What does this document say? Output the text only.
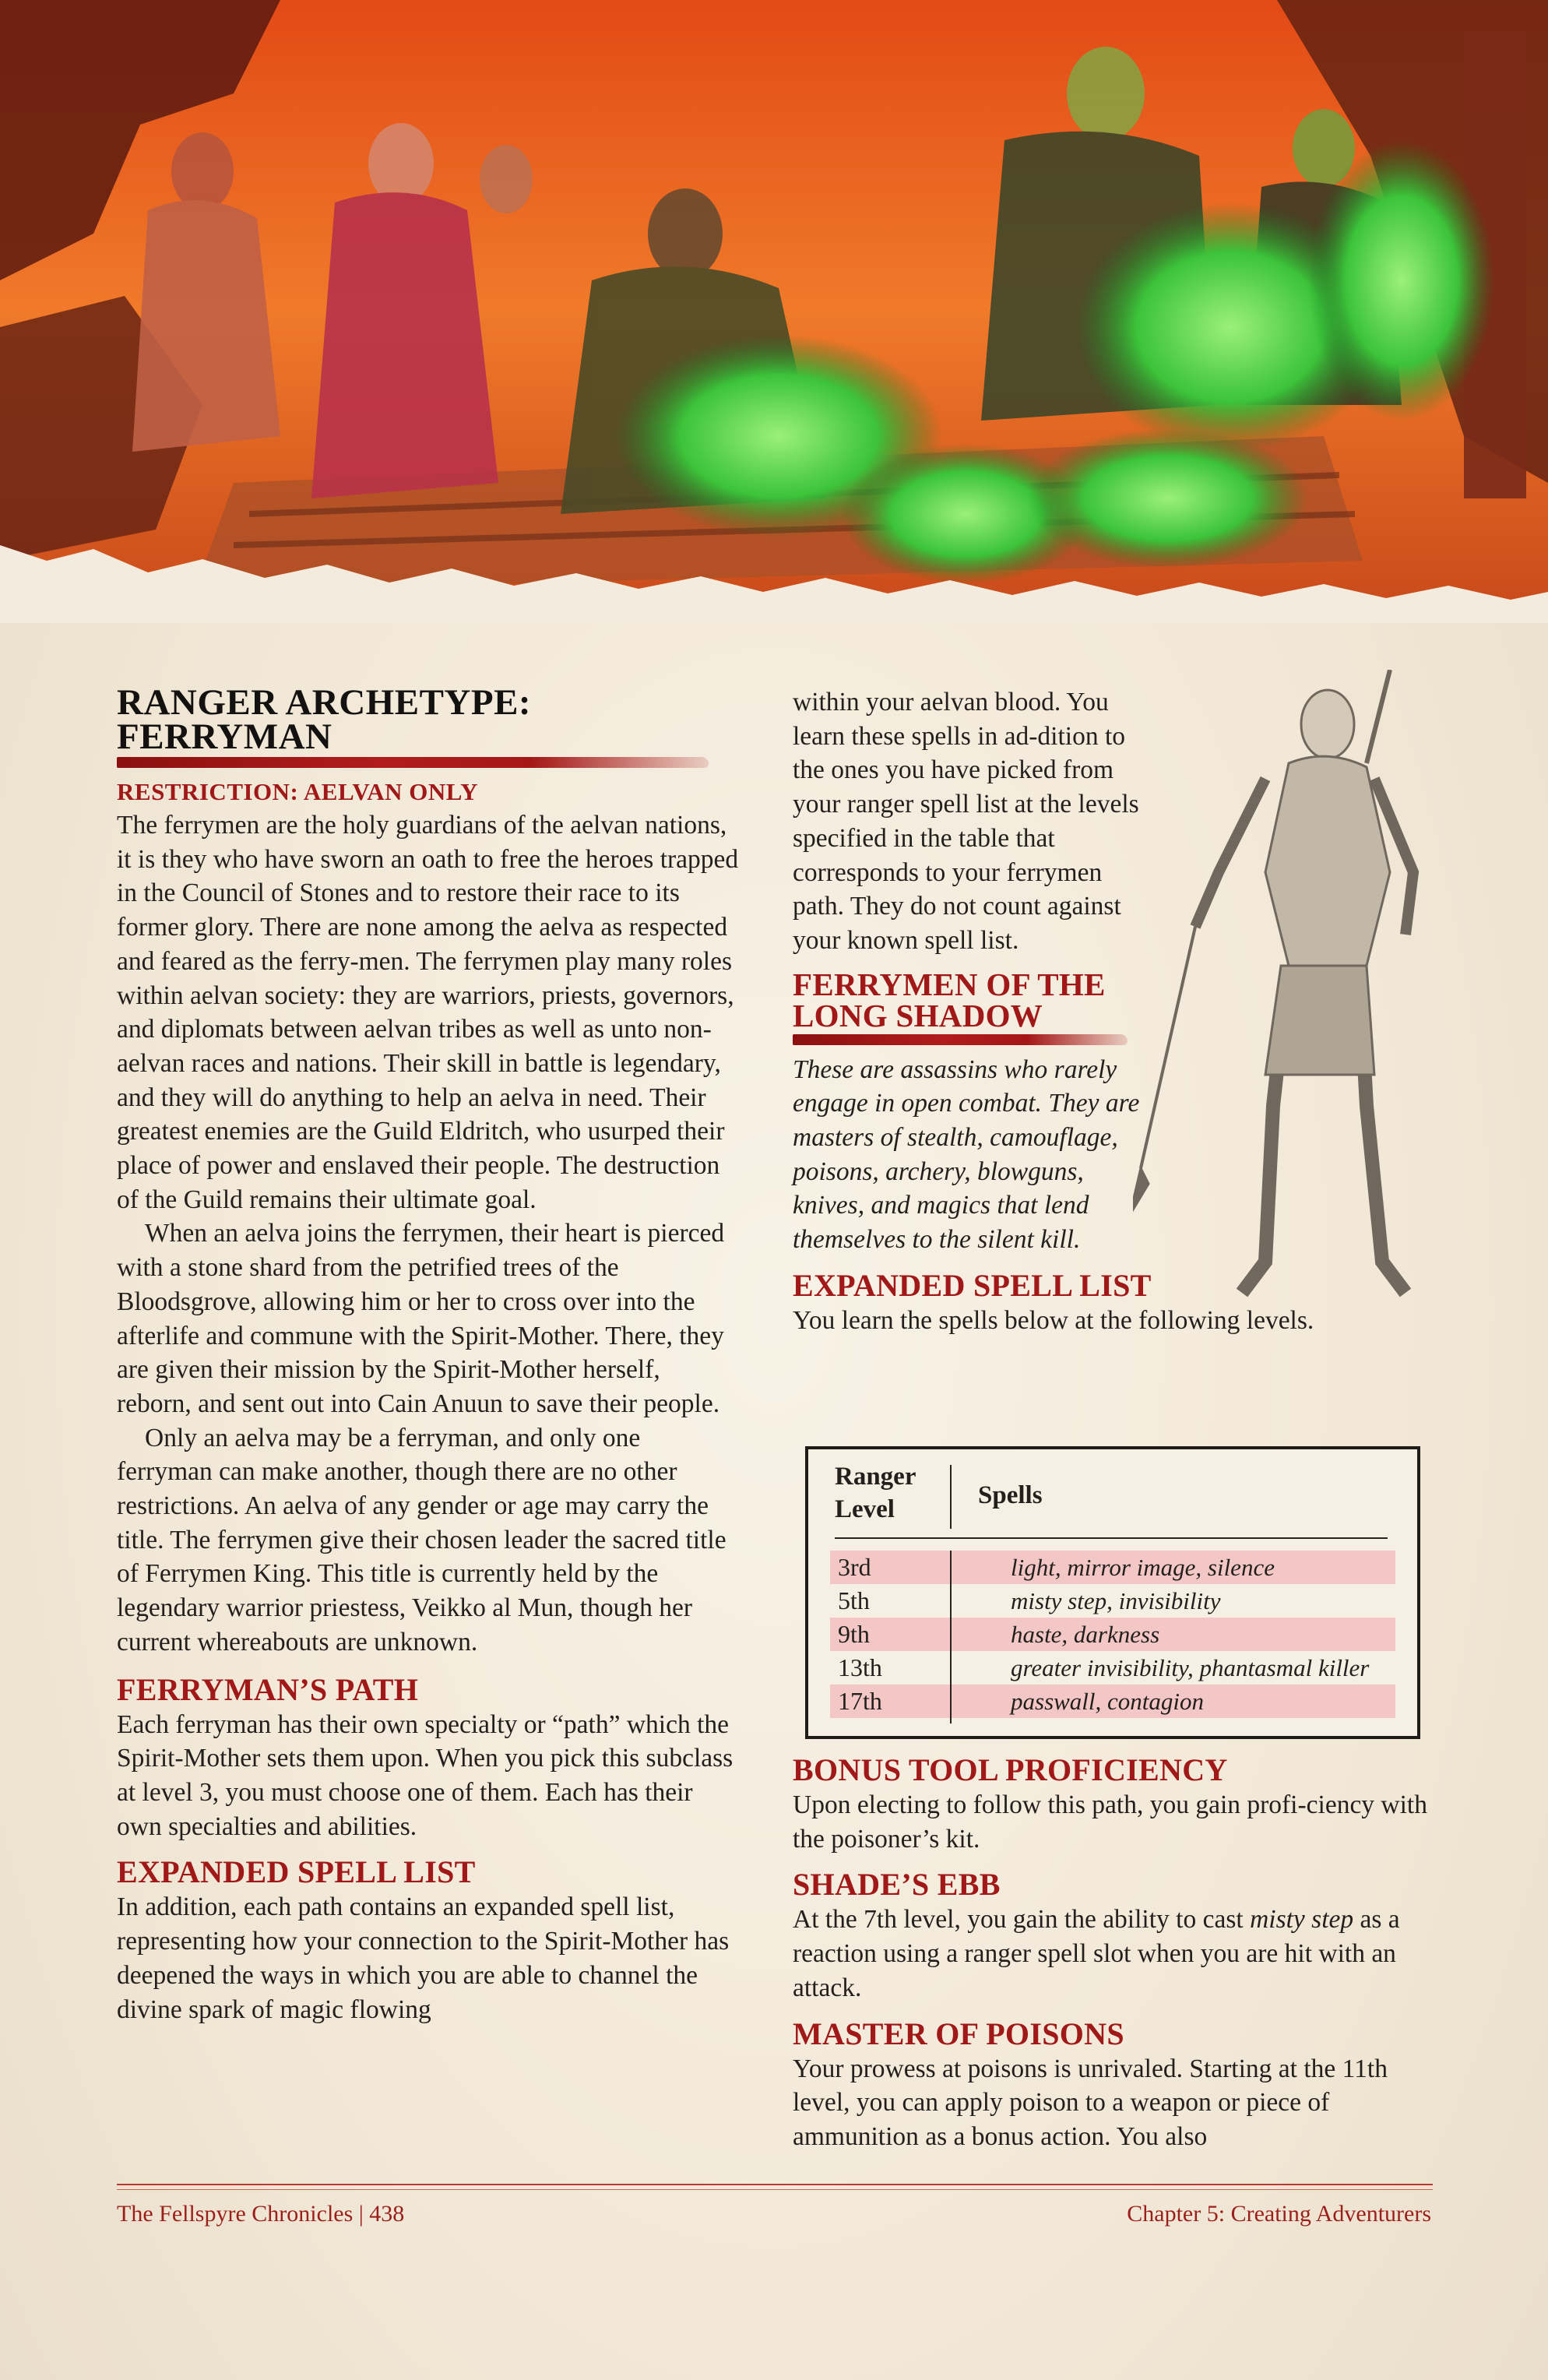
RANGER ARCHETYPE:
FERRYMAN
RESTRICTION: AELVAN ONLY

The ferrymen are the holy guardians of the aelvan nations, it is they who have sworn an oath to free the heroes trapped in the Council of Stones and to restore their race to its former glory. There are none among the aelva as respected and feared as the ferry-men. The ferrymen play many roles within aelvan society: they are warriors, priests, governors, and diplomats between aelvan tribes as well as unto non-aelvan races and nations. Their skill in battle is legendary, and they will do anything to help an aelva in need. Their greatest enemies are the Guild Eldritch, who usurped their place of power and enslaved their people. The destruction of the Guild remains their ultimate goal.

When an aelva joins the ferrymen, their heart is pierced with a stone shard from the petrified trees of the Bloodsgrove, allowing him or her to cross over into the afterlife and commune with the Spirit-Mother. There, they are given their mission by the Spirit-Mother herself, reborn, and sent out into Cain Anuun to save their people.

Only an aelva may be a ferryman, and only one ferryman can make another, though there are no other restrictions. An aelva of any gender or age may carry the title. The ferrymen give their chosen leader the sacred title of Ferrymen King. This title is currently held by the legendary warrior priestess, Veikko al Mun, though her current whereabouts are unknown.

FERRYMAN’S PATH

Each ferryman has their own specialty or “path” which the Spirit-Mother sets them upon. When you pick this subclass at level 3, you must choose one of them. Each has their own specialties and abilities.

EXPANDED SPELL LIST

In addition, each path contains an expanded spell list, representing how your connection to the Spirit-Mother has deepened the ways in which you are able to channel the divine spark of magic flowing

within your aelvan blood. You learn these spells in ad-dition to the ones you have picked from your ranger spell list at the levels specified in the table that corresponds to your ferrymen path. They do not count against your known spell list.

FERRYMEN OF THE
LONG SHADOW

These are assassins who rarely engage in open combat. They are masters of stealth, camouflage, poisons, archery, blowguns, knives, and magics that lend themselves to the silent kill.

EXPANDED SPELL LIST

You learn the spells below at the following levels.

Ranger
Level	Spells
3rd	light, mirror image, silence
5th	misty step, invisibility
9th	haste, darkness
13th	greater invisibility, phantasmal killer
17th	passwall, contagion
BONUS TOOL PROFICIENCY

Upon electing to follow this path, you gain profi-ciency with the poisoner’s kit.

SHADE’S EBB

At the 7th level, you gain the ability to cast misty step as a reaction using a ranger spell slot when you are hit with an attack.

MASTER OF POISONS

Your prowess at poisons is unrivaled. Starting at the 11th level, you can apply poison to a weapon or piece of ammunition as a bonus action. You also

The Fellspyre Chronicles | 438	Chapter 5: Creating Adventurers
